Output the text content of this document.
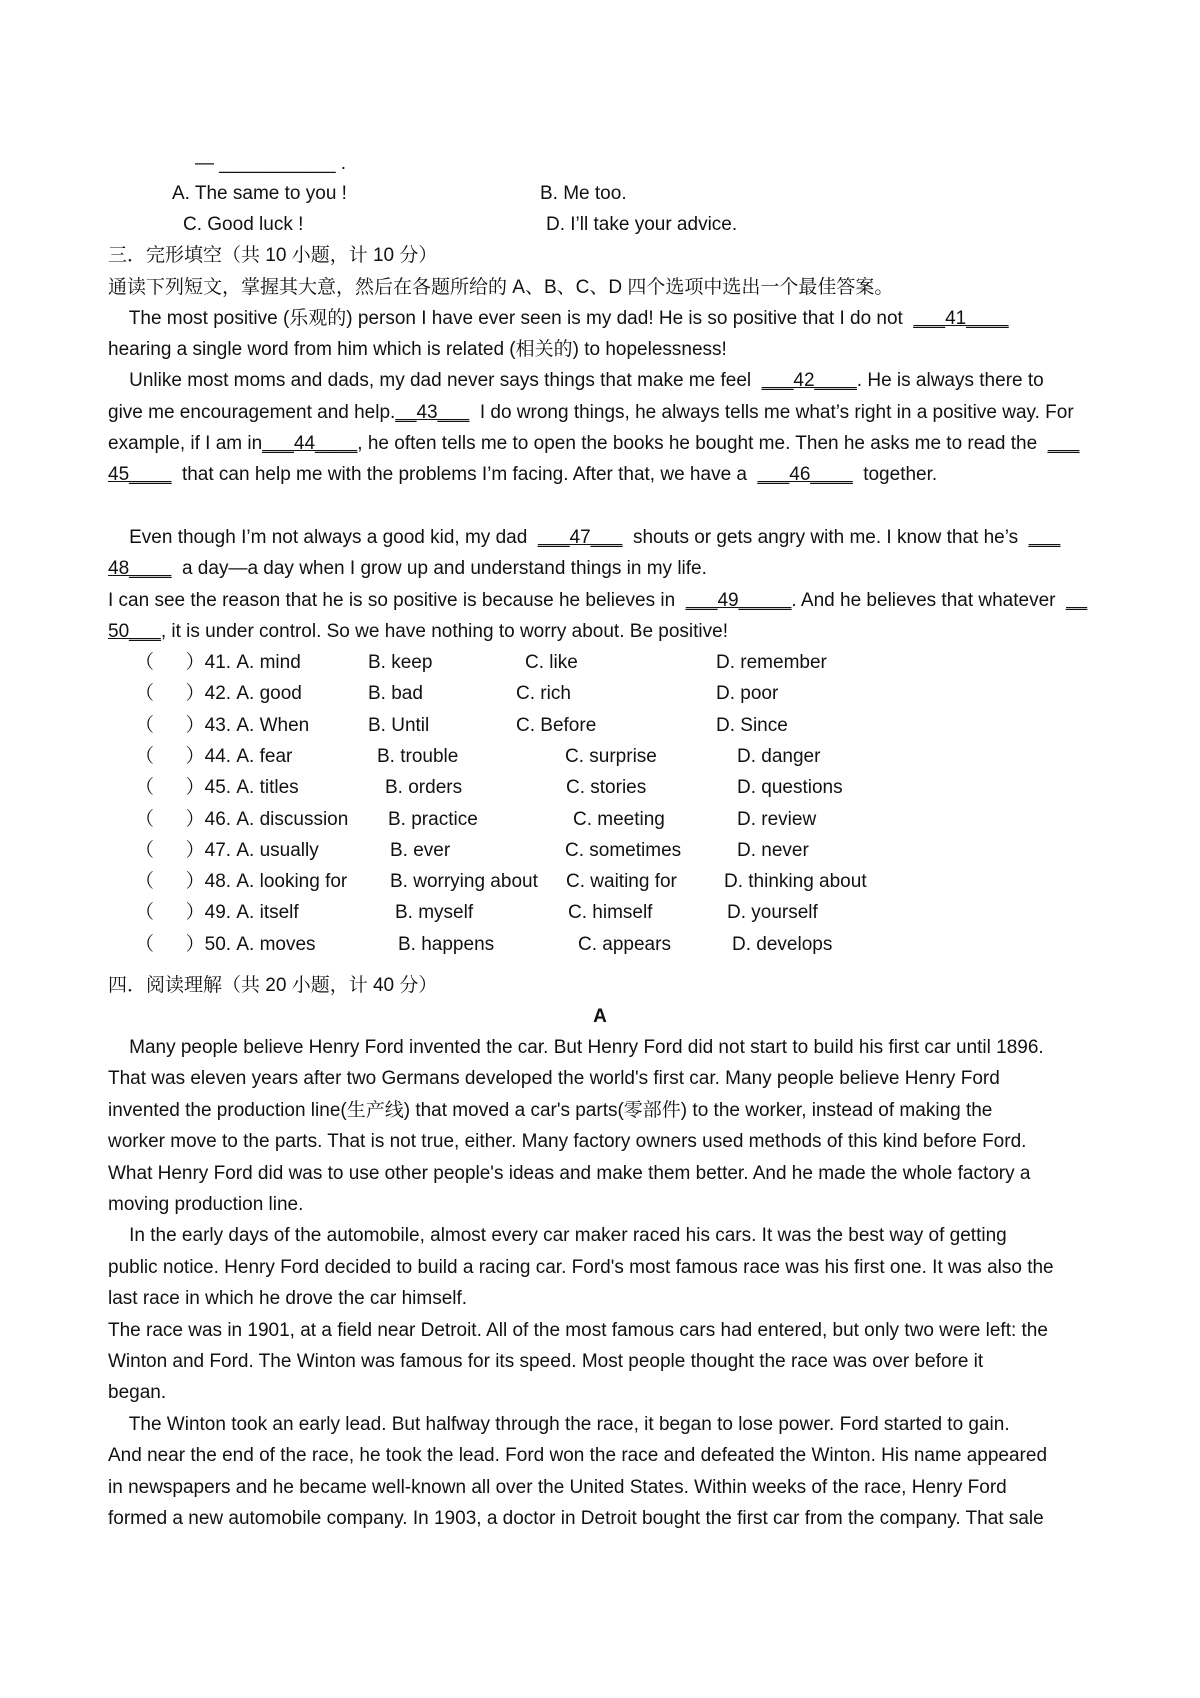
— ___________ .
A. The same to you !	B. Me too.
C. Good luck !	D. I’ll take your advice.
三．完形填空（共 10 小题，计 10 分）
通读下列短文，掌握其大意，然后在各题所给的 A、B、C、D 四个选项中选出一个最佳答案。
The most positive (乐观的) person I have ever seen is my dad! He is so positive that I do not  ___41____
hearing a single word from him which is related (相关的) to hopelessness!
Unlike most moms and dads, my dad never says things that make me feel  ___42____. He is always there to
give me encouragement and help.__43___  I do wrong things, he always tells me what’s right in a positive way. For
example, if I am in___44____, he often tells me to open the books he bought me. Then he asks me to read the  ___
45____  that can help me with the problems I’m facing. After that, we have a  ___46____  together.
Even though I’m not always a good kid, my dad  ___47___  shouts or gets angry with me. I know that he’s  ___
48____  a day—a day when I grow up and understand things in my life.
I can see the reason that he is so positive is because he believes in  ___49_____. And he believes that whatever  __
50___, it is under control. So we have nothing to worry about. Be positive!
（      ）41. A. mind	B. keep	C. like	D. remember
（      ）42. A. good	B. bad	C. rich	D. poor
（      ）43. A. When	B. Until	C. Before	D. Since
（      ）44. A. fear	B. trouble	C. surprise	D. danger
（      ）45. A. titles	B. orders	C. stories	D. questions
（      ）46. A. discussion B. practice	C. meeting	D. review
（      ）47. A. usually	B. ever	C. sometimes	D. never
（      ）48. A. looking for B. worrying about C. waiting for D. thinking about
（      ）49. A. itself	B. myself	C. himself	D. yourself
（      ）50. A. moves	B. happens	C. appears	D. develops
四．阅读理解（共 20 小题，计 40 分）
A
Many people believe Henry Ford invented the car. But Henry Ford did not start to build his first car until 1896.
That was eleven years after two Germans developed the world's first car. Many people believe Henry Ford
invented the production line(生产线) that moved a car's parts(零部件) to the worker, instead of making the
worker move to the parts. That is not true, either. Many factory owners used methods of this kind before Ford.
What Henry Ford did was to use other people's ideas and make them better. And he made the whole factory a
moving production line.
In the early days of the automobile, almost every car maker raced his cars. It was the best way of getting
public notice. Henry Ford decided to build a racing car. Ford's most famous race was his first one. It was also the
last race in which he drove the car himself.
The race was in 1901, at a field near Detroit. All of the most famous cars had entered, but only two were left: the
Winton and Ford. The Winton was famous for its speed. Most people thought the race was over before it
began.
The Winton took an early lead. But halfway through the race, it began to lose power. Ford started to gain.
And near the end of the race, he took the lead. Ford won the race and defeated the Winton. His name appeared
in newspapers and he became well-known all over the United States. Within weeks of the race, Henry Ford
formed a new automobile company. In 1903, a doctor in Detroit bought the first car from the company. That sale
